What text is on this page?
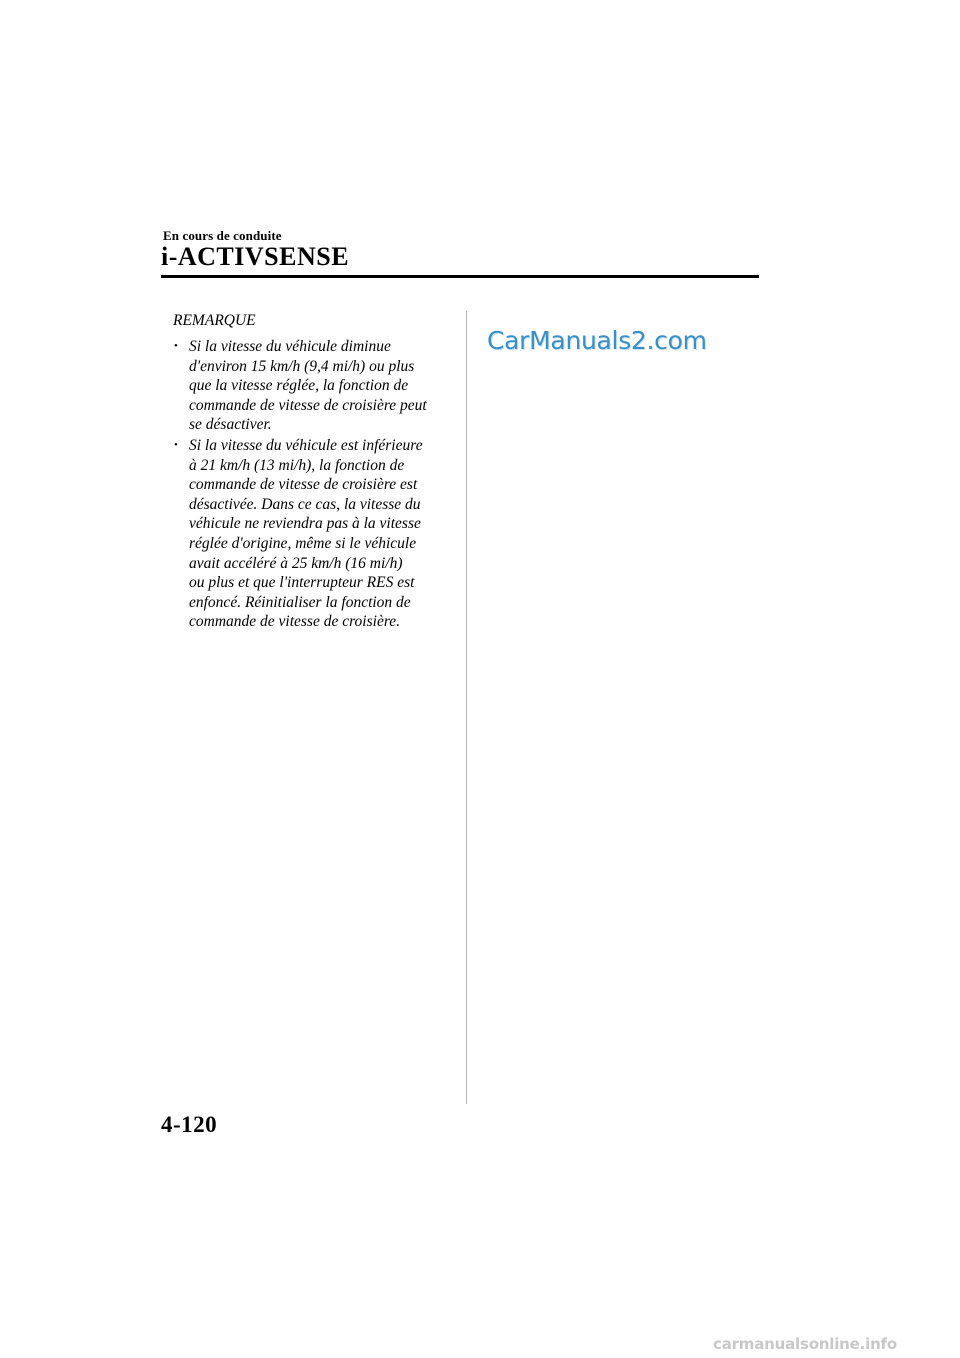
En cours de conduite
i-ACTIVSENSE
REMARQUE
• Si la vitesse du véhicule diminue
d'environ 15 km/h (9,4 mi/h) ou plus
que la vitesse réglée, la fonction de
commande de vitesse de croisière peut
se désactiver.
• Si la vitesse du véhicule est inférieure
à 21 km/h (13 mi/h), la fonction de
commande de vitesse de croisière est
désactivée. Dans ce cas, la vitesse du
véhicule ne reviendra pas à la vitesse
réglée d'origine, même si le véhicule
avait accéléré à 25 km/h (16 mi/h)
ou plus et que l'interrupteur RES est
enfoncé. Réinitialiser la fonction de
commande de vitesse de croisière.
CarManuals2.com
4-120
carmanualsonline.info
